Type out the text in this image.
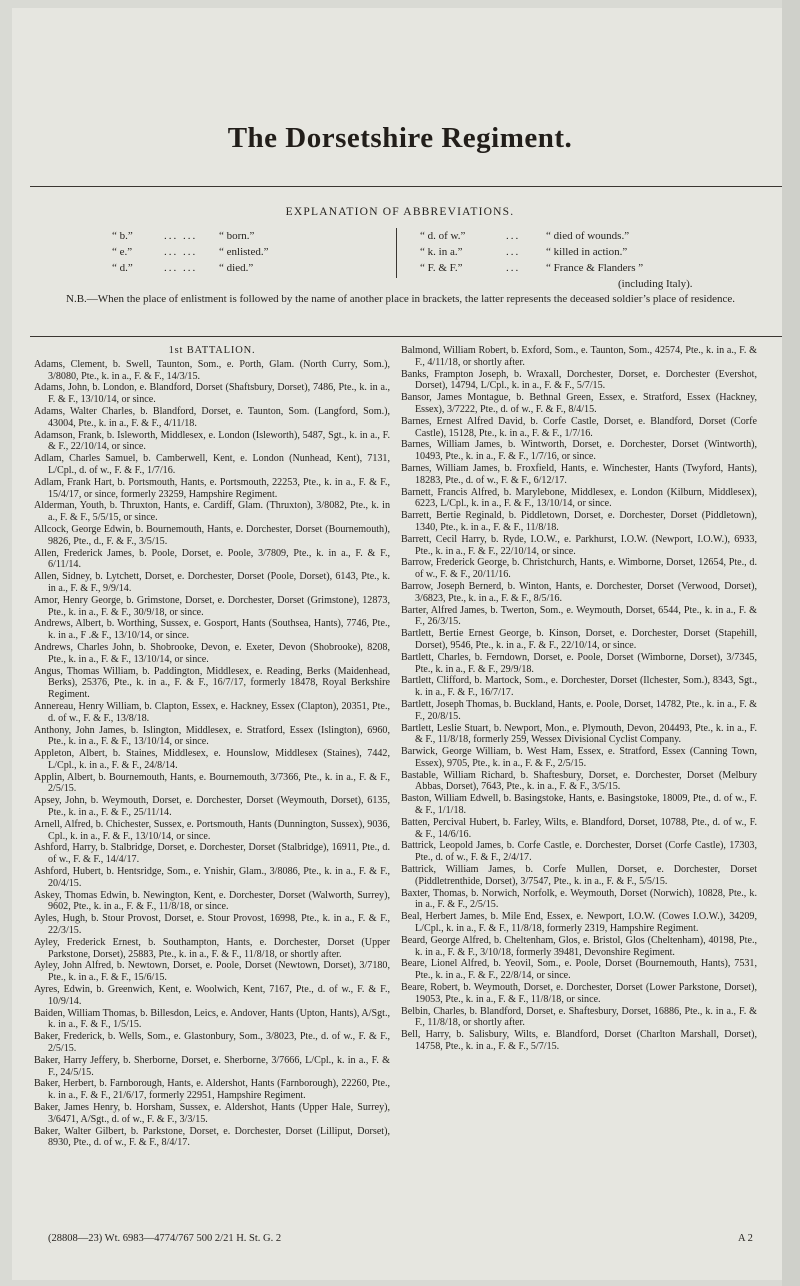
The Dorsetshire Regiment.
EXPLANATION OF ABBREVIATIONS.
“ b.”	... ...	“ born.”
“ e.”	... ...	“ enlisted.”
“ d.”	... ...	“ died.”
“ d. of w.”	...	“ died of wounds.”
“ k. in a.”	...	“ killed in action.”
“ F. & F.”	...	“ France & Flanders ”
(including Italy).
N.B.—When the place of enlistment is followed by the name of another place in brackets, the latter represents the deceased soldier’s place of residence.
1st BATTALION.

Adams, Clement, b. Swell, Taunton, Som., e. Porth, Glam. (North Curry, Som.), 3/8080, Pte., k. in a., F. & F., 14/3/15.

Adams, John, b. London, e. Blandford, Dorset (Shaftsbury, Dorset), 7486, Pte., k. in a., F. & F., 13/10/14, or since.

Adams, Walter Charles, b. Blandford, Dorset, e. Taunton, Som. (Langford, Som.), 43004, Pte., k. in a., F. & F., 4/11/18.

Adamson, Frank, b. Isleworth, Middlesex, e. London (Isleworth), 5487, Sgt., k. in a., F. & F., 22/10/14, or since.

Adlam, Charles Samuel, b. Camberwell, Kent, e. London (Nunhead, Kent), 7131, L/Cpl., d. of w., F. & F., 1/7/16.

Adlam, Frank Hart, b. Portsmouth, Hants, e. Portsmouth, 22253, Pte., k. in a., F. & F., 15/4/17, or since, formerly 23259, Hampshire Regiment.

Alderman, Youth, b. Thruxton, Hants, e. Cardiff, Glam. (Thruxton), 3/8082, Pte., k. in a., F. & F., 5/5/15, or since.

Allcock, George Edwin, b. Bournemouth, Hants, e. Dorchester, Dorset (Bournemouth), 9826, Pte., d., F. & F., 3/5/15.

Allen, Frederick James, b. Poole, Dorset, e. Poole, 3/7809, Pte., k. in a., F. & F., 6/11/14.

Allen, Sidney, b. Lytchett, Dorset, e. Dorchester, Dorset (Poole, Dorset), 6143, Pte., k. in a., F. & F., 9/9/14.

Amor, Henry George, b. Grimstone, Dorset, e. Dorchester, Dorset (Grimstone), 12873, Pte., k. in a., F. & F., 30/9/18, or since.

Andrews, Albert, b. Worthing, Sussex, e. Gosport, Hants (Southsea, Hants), 7746, Pte., k. in a., F .& F., 13/10/14, or since.

Andrews, Charles John, b. Shobrooke, Devon, e. Exeter, Devon (Shobrooke), 8208, Pte., k. in a., F. & F., 13/10/14, or since.

Angus, Thomas William, b. Paddington, Middlesex, e. Reading, Berks (Maidenhead, Berks), 25376, Pte., k. in a., F. & F., 16/7/17, formerly 18478, Royal Berkshire Regiment.

Annereau, Henry William, b. Clapton, Essex, e. Hackney, Essex (Clapton), 20351, Pte., d. of w., F. & F., 13/8/18.

Anthony, John James, b. Islington, Middlesex, e. Stratford, Essex (Islington), 6960, Pte., k. in a., F. & F., 13/10/14, or since.

Appleton, Albert, b. Staines, Middlesex, e. Hounslow, Middlesex (Staines), 7442, L/Cpl., k. in a., F. & F., 24/8/14.

Applin, Albert, b. Bournemouth, Hants, e. Bournemouth, 3/7366, Pte., k. in a., F. & F., 2/5/15.

Apsey, John, b. Weymouth, Dorset, e. Dorchester, Dorset (Weymouth, Dorset), 6135, Pte., k. in a., F. & F., 25/11/14.

Arnell, Alfred, b. Chichester, Sussex, e. Portsmouth, Hants (Dunnington, Sussex), 9036, Cpl., k. in a., F. & F., 13/10/14, or since.

Ashford, Harry, b. Stalbridge, Dorset, e. Dorchester, Dorset (Stalbridge), 16911, Pte., d. of w., F. & F., 14/4/17.

Ashford, Hubert, b. Hentsridge, Som., e. Ynishir, Glam., 3/8086, Pte., k. in a., F. & F., 20/4/15.

Askey, Thomas Edwin, b. Newington, Kent, e. Dorchester, Dorset (Walworth, Surrey), 9602, Pte., k. in a., F. & F., 11/8/18, or since.

Ayles, Hugh, b. Stour Provost, Dorset, e. Stour Provost, 16998, Pte., k. in a., F. & F., 22/3/15.

Ayley, Frederick Ernest, b. Southampton, Hants, e. Dorchester, Dorset (Upper Parkstone, Dorset), 25883, Pte., k. in a., F. & F., 11/8/18, or shortly after.

Ayley, John Alfred, b. Newtown, Dorset, e. Poole, Dorset (Newtown, Dorset), 3/7180, Pte., k. in a., F. & F., 15/6/15.

Ayres, Edwin, b. Greenwich, Kent, e. Woolwich, Kent, 7167, Pte., d. of w., F. & F., 10/9/14.

Baiden, William Thomas, b. Billesdon, Leics, e. Andover, Hants (Upton, Hants), A/Sgt., k. in a., F. & F., 1/5/15.

Baker, Frederick, b. Wells, Som., e. Glastonbury, Som., 3/8023, Pte., d. of w., F. & F., 2/5/15.

Baker, Harry Jeffery, b. Sherborne, Dorset, e. Sherborne, 3/7666, L/Cpl., k. in a., F. & F., 24/5/15.

Baker, Herbert, b. Farnborough, Hants, e. Aldershot, Hants (Farnborough), 22260, Pte., k. in a., F. & F., 21/6/17, formerly 22951, Hampshire Regiment.

Baker, James Henry, b. Horsham, Sussex, e. Aldershot, Hants (Upper Hale, Surrey), 3/6471, A/Sgt., d. of w., F. & F., 3/3/15.

Baker, Walter Gilbert, b. Parkstone, Dorset, e. Dorchester, Dorset (Lilliput, Dorset), 8930, Pte., d. of w., F. & F., 8/4/17.

Balmond, William Robert, b. Exford, Som., e. Taunton, Som., 42574, Pte., k. in a., F. & F., 4/11/18, or shortly after.

Banks, Frampton Joseph, b. Wraxall, Dorchester, Dorset, e. Dorchester (Evershot, Dorset), 14794, L/Cpl., k. in a., F. & F., 5/7/15.

Bansor, James Montague, b. Bethnal Green, Essex, e. Stratford, Essex (Hackney, Essex), 3/7222, Pte., d. of w., F. & F., 8/4/15.

Barnes, Ernest Alfred David, b. Corfe Castle, Dorset, e. Blandford, Dorset (Corfe Castle), 15128, Pte., k. in a., F. & F., 1/7/16.

Barnes, William James, b. Wintworth, Dorset, e. Dorchester, Dorset (Wintworth), 10493, Pte., k. in a., F. & F., 1/7/16, or since.

Barnes, William James, b. Froxfield, Hants, e. Winchester, Hants (Twyford, Hants), 18283, Pte., d. of w., F. & F., 6/12/17.

Barnett, Francis Alfred, b. Marylebone, Middlesex, e. London (Kilburn, Middlesex), 6223, L/Cpl., k. in a., F. & F., 13/10/14, or since.

Barrett, Bertie Reginald, b. Piddletown, Dorset, e. Dorchester, Dorset (Piddletown), 1340, Pte., k. in a., F. & F., 11/8/18.

Barrett, Cecil Harry, b. Ryde, I.O.W., e. Parkhurst, I.O.W. (Newport, I.O.W.), 6933, Pte., k. in a., F. & F., 22/10/14, or since.

Barrow, Frederick George, b. Christchurch, Hants, e. Wimborne, Dorset, 12654, Pte., d. of w., F. & F., 20/11/16.

Barrow, Joseph Bernerd, b. Winton, Hants, e. Dorchester, Dorset (Verwood, Dorset), 3/6823, Pte., k. in a., F. & F., 8/5/16.

Barter, Alfred James, b. Twerton, Som., e. Weymouth, Dorset, 6544, Pte., k. in a., F. & F., 26/3/15.

Bartlett, Bertie Ernest George, b. Kinson, Dorset, e. Dorchester, Dorset (Stapehill, Dorset), 9546, Pte., k. in a., F. & F., 22/10/14, or since.

Bartlett, Charles, b. Ferndown, Dorset, e. Poole, Dorset (Wimborne, Dorset), 3/7345, Pte., k. in a., F. & F., 29/9/18.

Bartlett, Clifford, b. Martock, Som., e. Dorchester, Dorset (Ilchester, Som.), 8343, Sgt., k. in a., F. & F., 16/7/17.

Bartlett, Joseph Thomas, b. Buckland, Hants, e. Poole, Dorset, 14782, Pte., k. in a., F. & F., 20/8/15.

Bartlett, Leslie Stuart, b. Newport, Mon., e. Plymouth, Devon, 204493, Pte., k. in a., F. & F., 11/8/18, formerly 259, Wessex Divisional Cyclist Company.

Barwick, George William, b. West Ham, Essex, e. Stratford, Essex (Canning Town, Essex), 9705, Pte., k. in a., F. & F., 2/5/15.

Bastable, William Richard, b. Shaftesbury, Dorset, e. Dorchester, Dorset (Melbury Abbas, Dorset), 7643, Pte., k. in a., F. & F., 3/5/15.

Baston, William Edwell, b. Basingstoke, Hants, e. Basingstoke, 18009, Pte., d. of w., F. & F., 1/1/18.

Batten, Percival Hubert, b. Farley, Wilts, e. Blandford, Dorset, 10788, Pte., d. of w., F. & F., 14/6/16.

Battrick, Leopold James, b. Corfe Castle, e. Dorchester, Dorset (Corfe Castle), 17303, Pte., d. of w., F. & F., 2/4/17.

Battrick, William James, b. Corfe Mullen, Dorset, e. Dorchester, Dorset (Piddletrenthide, Dorset), 3/7547, Pte., k. in a., F. & F., 5/5/15.

Baxter, Thomas, b. Norwich, Norfolk, e. Weymouth, Dorset (Norwich), 10828, Pte., k. in a., F. & F., 2/5/15.

Beal, Herbert James, b. Mile End, Essex, e. Newport, I.O.W. (Cowes I.O.W.), 34209, L/Cpl., k. in a., F. & F., 11/8/18, formerly 2319, Hampshire Regiment.

Beard, George Alfred, b. Cheltenham, Glos, e. Bristol, Glos (Cheltenham), 40198, Pte., k. in a., F. & F., 3/10/18, formerly 39481, Devonshire Regiment.

Beare, Lionel Alfred, b. Yeovil, Som., e. Poole, Dorset (Bournemouth, Hants), 7531, Pte., k. in a., F. & F., 22/8/14, or since.

Beare, Robert, b. Weymouth, Dorset, e. Dorchester, Dorset (Lower Parkstone, Dorset), 19053, Pte., k. in a., F. & F., 11/8/18, or since.

Belbin, Charles, b. Blandford, Dorset, e. Shaftesbury, Dorset, 16886, Pte., k. in a., F. & F., 11/8/18, or shortly after.

Bell, Harry, b. Salisbury, Wilts, e. Blandford, Dorset (Charlton Marshall, Dorset), 14758, Pte., k. in a., F. & F., 5/7/15.

(28808—23) Wt. 6983—4774/767 500 2/21 H. St. G. 2	A 2
